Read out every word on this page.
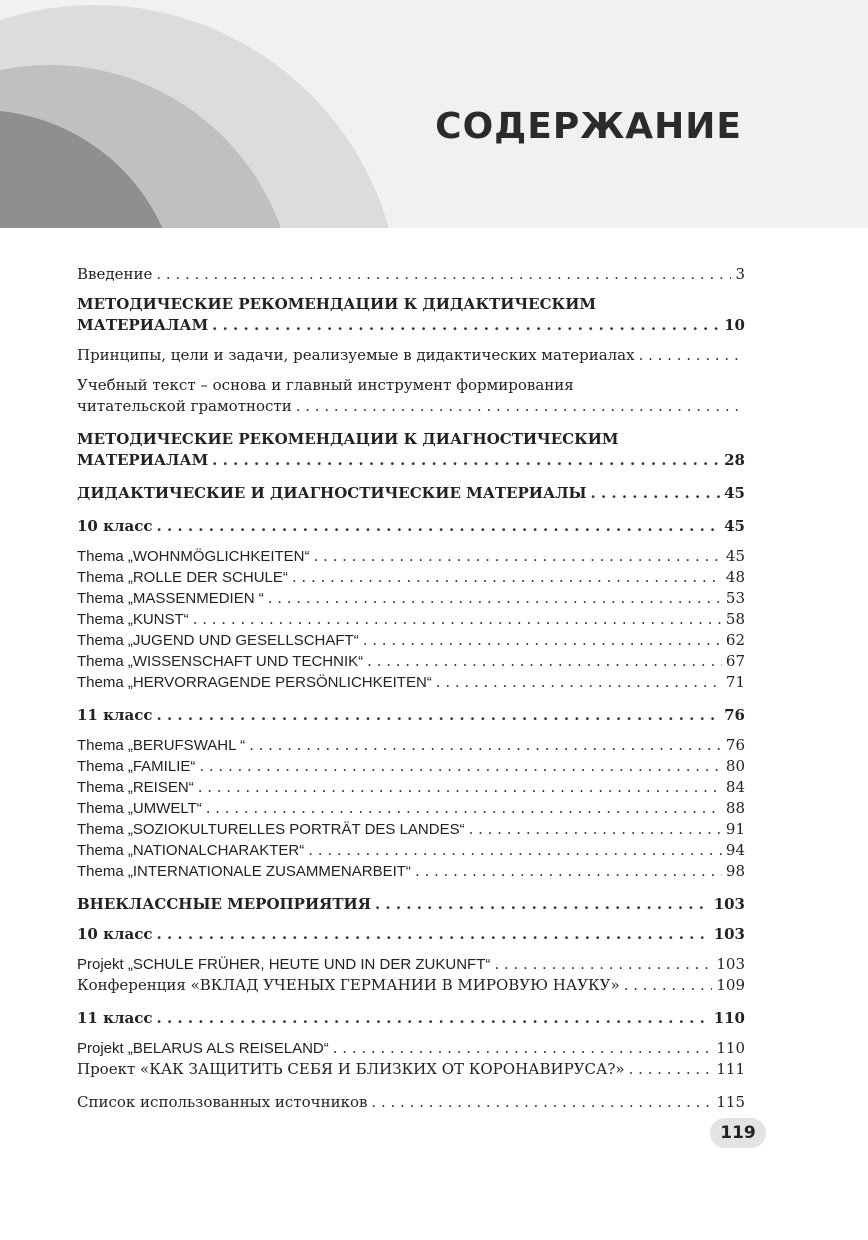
СОДЕРЖАНИЕ
Введение . . .	3
МЕТОДИЧЕСКИЕ РЕКОМЕНДАЦИИ К ДИДАКТИЧЕСКИМ
МАТЕРИАЛАМ . . .	10
Принципы, цели и задачи, реализуемые в дидактических материалах
. . .
Учебный текст – основа и главный инструмент формирования
читательской грамотности
. . .
МЕТОДИЧЕСКИЕ РЕКОМЕНДАЦИИ К ДИАГНОСТИЧЕСКИМ
МАТЕРИАЛАМ . . .	28
ДИДАКТИЧЕСКИЕ И ДИАГНОСТИЧЕСКИЕ МАТЕРИАЛЫ . . .	45
10 класс . . .	45
Thema „WOHNMÖGLICHKEITEN“ . . .	45
Thema „ROLLE DER SCHULE“ . . .	48
Thema „MASSENMEDIEN “ . . .	53
Thema „KUNST“ . . .	58
Thema „JUGEND UND GESELLSCHAFT“ . . .	62
Thema „WISSENSCHAFT UND TECHNIK“ . . .	67
Thema „HERVORRAGENDE PERSÖNLICHKEITEN“ . . .	71
11 класс . . .	76
Thema „BERUFSWAHL “ . . .	76
Thema „FAMILIE“ . . .	80
Thema „REISEN“ . . .	84
Thema „UMWELT“ . . .	88
Thema „SOZIOKULTURELLES PORTRÄT DES LANDES“ . . .	91
Thema „NATIONALCHARAKTER“ . . .	94
Thema „INTERNATIONALE ZUSAMMENARBEIT“ . . .	98
ВНЕКЛАССНЫЕ МЕРОПРИЯТИЯ . . .	103
10 класс . . .	103
Projekt „SCHULE FRÜHER, HEUTE UND IN DER ZUKUNFT“ . . .	103
Конференция «ВКЛАД УЧЕНЫХ ГЕРМАНИИ В МИРОВУЮ НАУКУ» . . .	109
11 класс . . .	110
Projekt „BELARUS ALS REISELAND“ . . .	110
Проект «КАК ЗАЩИТИТЬ СЕБЯ И БЛИЗКИХ ОТ КОРОНАВИРУСА?» . . .	111
Список использованных источников . . .	115
119
